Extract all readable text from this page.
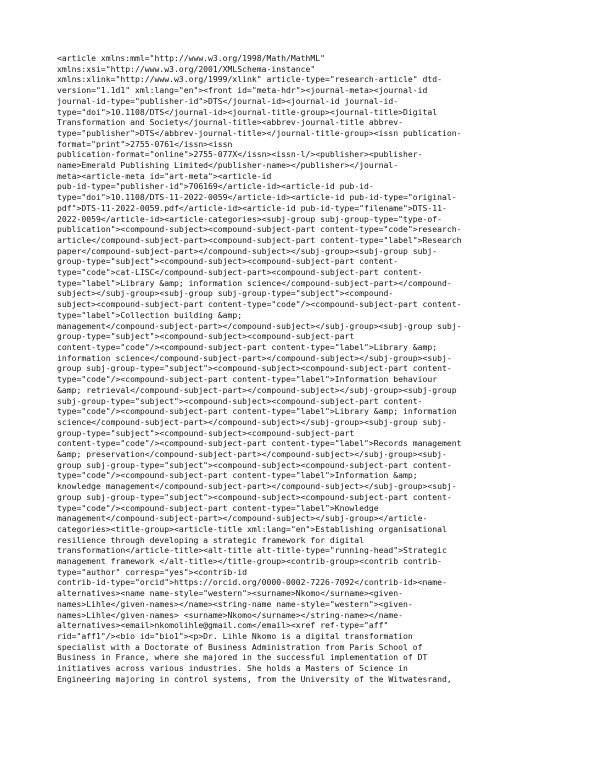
<article xmlns:mml="http://www.w3.org/1998/Math/MathML"
xmlns:xsi="http://www.w3.org/2001/XMLSchema-instance"
xmlns:xlink="http://www.w3.org/1999/xlink" article-type="research-article" dtd-
version="1.1d1" xml:lang="en"><front id="meta-hdr"><journal-meta><journal-id
journal-id-type="publisher-id">DTS</journal-id><journal-id journal-id-
type="doi">10.1108/DTS</journal-id><journal-title-group><journal-title>Digital
Transformation and Society</journal-title><abbrev-journal-title abbrev-
type="publisher">DTS</abbrev-journal-title></journal-title-group><issn publication-
format="print">2755-0761</issn><issn
publication-format="online">2755-077X</issn><issn-l/><publisher><publisher-
name>Emerald Publishing Limited</publisher-name></publisher></journal-
meta><article-meta id="art-meta"><article-id
pub-id-type="publisher-id">706169</article-id><article-id pub-id-
type="doi">10.1108/DTS-11-2022-0059</article-id><article-id pub-id-type="original-
pdf">DTS-11-2022-0059.pdf</article-id><article-id pub-id-type="filename">DTS-11-
2022-0059</article-id><article-categories><subj-group subj-group-type="type-of-
publication"><compound-subject><compound-subject-part content-type="code">research-
article</compound-subject-part><compound-subject-part content-type="label">Research
paper</compound-subject-part></compound-subject></subj-group><subj-group subj-
group-type="subject"><compound-subject><compound-subject-part content-
type="code">cat-LISC</compound-subject-part><compound-subject-part content-
type="label">Library &amp; information science</compound-subject-part></compound-
subject></subj-group><subj-group subj-group-type="subject"><compound-
subject><compound-subject-part content-type="code"/><compound-subject-part content-
type="label">Collection building &amp;
management</compound-subject-part></compound-subject></subj-group><subj-group subj-
group-type="subject"><compound-subject><compound-subject-part
content-type="code"/><compound-subject-part content-type="label">Library &amp;
information science</compound-subject-part></compound-subject></subj-group><subj-
group subj-group-type="subject"><compound-subject><compound-subject-part content-
type="code"/><compound-subject-part content-type="label">Information behaviour
&amp; retrieval</compound-subject-part></compound-subject></subj-group><subj-group
subj-group-type="subject"><compound-subject><compound-subject-part content-
type="code"/><compound-subject-part content-type="label">Library &amp; information
science</compound-subject-part></compound-subject></subj-group><subj-group subj-
group-type="subject"><compound-subject><compound-subject-part
content-type="code"/><compound-subject-part content-type="label">Records management
&amp; preservation</compound-subject-part></compound-subject></subj-group><subj-
group subj-group-type="subject"><compound-subject><compound-subject-part content-
type="code"/><compound-subject-part content-type="label">Information &amp;
knowledge management</compound-subject-part></compound-subject></subj-group><subj-
group subj-group-type="subject"><compound-subject><compound-subject-part content-
type="code"/><compound-subject-part content-type="label">Knowledge
management</compound-subject-part></compound-subject></subj-group></article-
categories><title-group><article-title xml:lang="en">Establishing organisational
resilience through developing a strategic framework for digital
transformation</article-title><alt-title alt-title-type="running-head">Strategic
management framework </alt-title></title-group><contrib-group><contrib contrib-
type="author" corresp="yes"><contrib-id
contrib-id-type="orcid">https://orcid.org/0000-0002-7226-7092</contrib-id><name-
alternatives><name name-style="western"><surname>Nkomo</surname><given-
names>Lihle</given-names></name><string-name name-style="western"><given-
names>Lihle</given-names> <surname>Nkomo</surname></string-name></name-
alternatives><email>nkomolihle@gmail.com</email><xref ref-type="aff"
rid="aff1"/><bio id="bio1"><p>Dr. Lihle Nkomo is a digital transformation
specialist with a Doctorate of Business Administration from Paris School of
Business in France, where she majored in the successful implementation of DT
initiatives across various industries. She holds a Masters of Science in
Engineering majoring in control systems, from the University of the Witwatesrand,
